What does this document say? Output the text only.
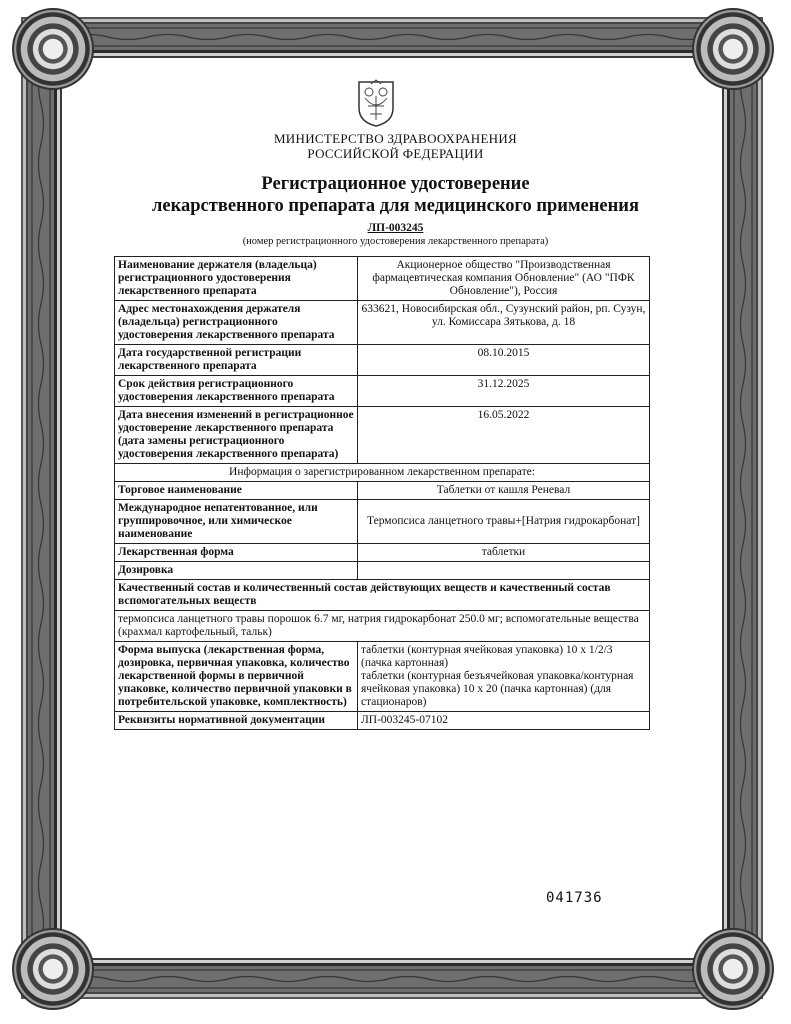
МИНИСТЕРСТВО ЗДРАВООХРАНЕНИЯ
РОССИЙСКОЙ ФЕДЕРАЦИИ
Регистрационное удостоверение
лекарственного препарата для медицинского применения
ЛП-003245
(номер регистрационного удостоверения лекарственного препарата)
Наименование держателя (владельца) регистрационного удостоверения лекарственного препарата	Акционерное общество "Производственная фармацевтическая компания Обновление" (АО "ПФК Обновление"), Россия
Адрес местонахождения держателя (владельца) регистрационного удостоверения лекарственного препарата	633621, Новосибирская обл., Сузунский район, рп. Сузун, ул. Комиссара Зятькова, д. 18
Дата государственной регистрации лекарственного препарата	08.10.2015
Срок действия регистрационного удостоверения лекарственного препарата	31.12.2025
Дата внесения изменений в регистрационное удостоверение лекарственного препарата (дата замены регистрационного удостоверения лекарственного препарата)	16.05.2022
Информация о зарегистрированном лекарственном препарате:	
Торговое наименование	Таблетки от кашля Реневал
Международное непатентованное, или группировочное, или химическое наименование	Термопсиса ланцетного травы+[Натрия гидрокарбонат]
Лекарственная форма	таблетки
Дозировка	
Качественный состав и количественный состав действующих веществ и качественный состав вспомогательных веществ	
термопсиса ланцетного травы порошок 6.7 мг, натрия гидрокарбонат 250.0 мг; вспомогательные вещества (крахмал картофельный, тальк)	
Форма выпуска (лекарственная форма, дозировка, первичная упаковка, количество лекарственной формы в первичной упаковке, количество первичной упаковки в потребительской упаковке, комплектность)	таблетки (контурная ячейковая упаковка) 10 x 1/2/3 (пачка картонная)
таблетки (контурная безъячейковая упаковка/контурная ячейковая упаковка) 10 x 20 (пачка картонная) (для стационаров)

Реквизиты нормативной документации	ЛП-003245-07102
041736
